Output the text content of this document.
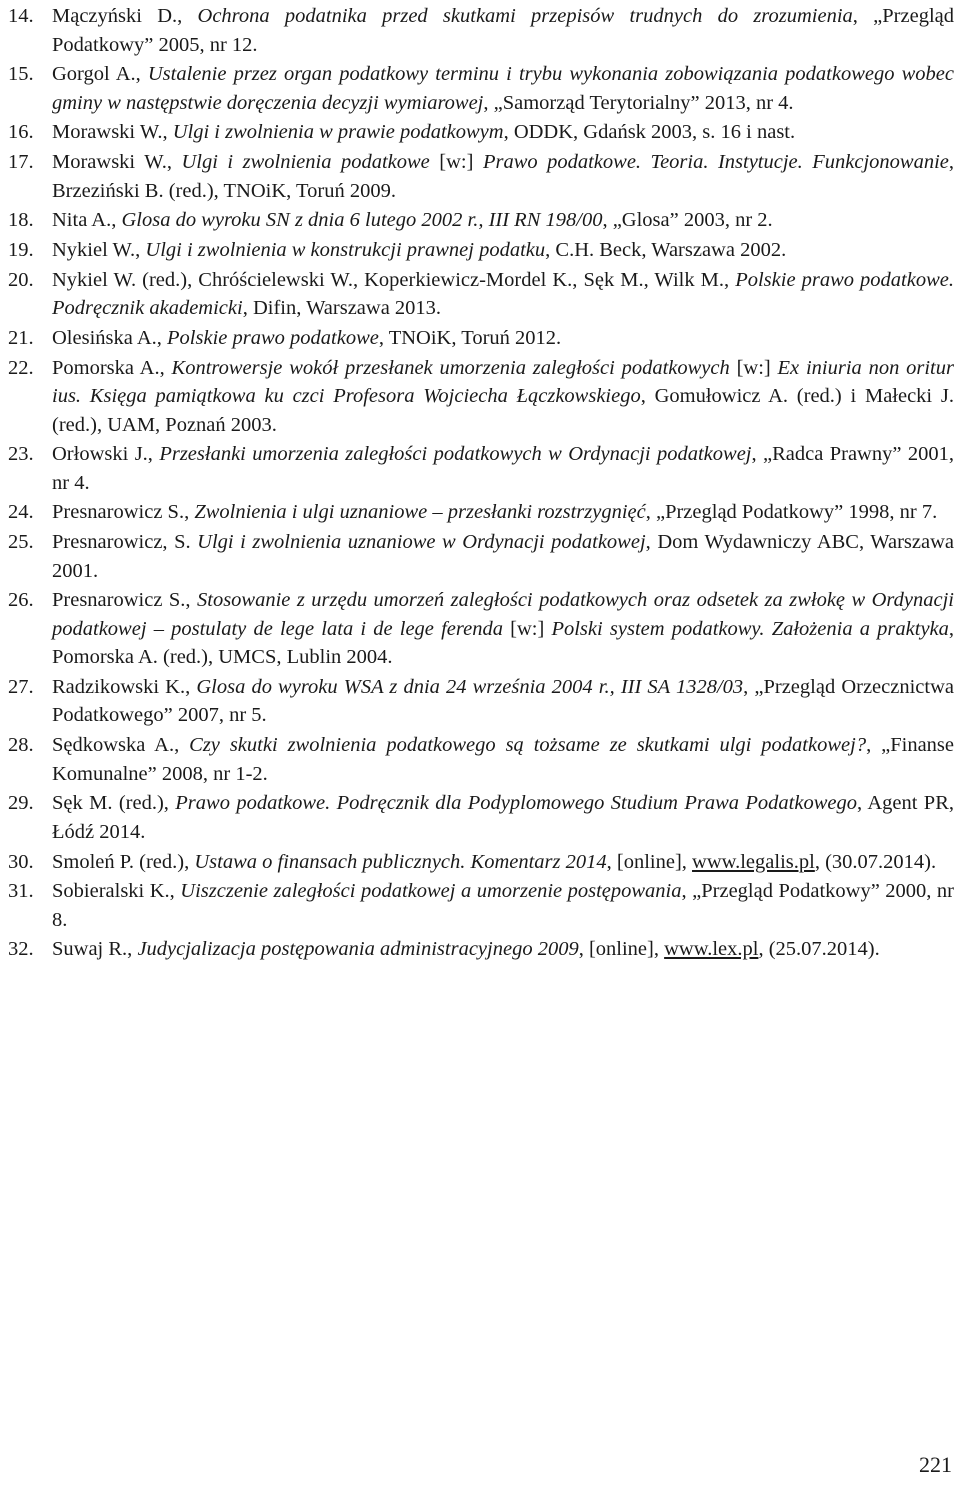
14. Mączyński D., Ochrona podatnika przed skutkami przepisów trudnych do zrozumienia, „Przegląd Podatkowy” 2005, nr 12.
15. Gorgol A., Ustalenie przez organ podatkowy terminu i trybu wykonania zobowiązania podatkowego wobec gminy w następstwie doręczenia decyzji wymiarowej, „Samorząd Terytorialny” 2013, nr 4.
16. Morawski W., Ulgi i zwolnienia w prawie podatkowym, ODDK, Gdańsk 2003, s. 16 i nast.
17. Morawski W., Ulgi i zwolnienia podatkowe [w:] Prawo podatkowe. Teoria. Instytucje. Funkcjonowanie, Brzeziński B. (red.), TNOiK, Toruń 2009.
18. Nita A., Glosa do wyroku SN z dnia 6 lutego 2002 r., III RN 198/00, „Glosa” 2003, nr 2.
19. Nykiel W., Ulgi i zwolnienia w konstrukcji prawnej podatku, C.H. Beck, Warszawa 2002.
20. Nykiel W. (red.), Chróścielewski W., Koperkiewicz-Mordel K., Sęk M., Wilk M., Polskie prawo podatkowe. Podręcznik akademicki, Difin, Warszawa 2013.
21. Olesińska A., Polskie prawo podatkowe, TNOiK, Toruń 2012.
22. Pomorska A., Kontrowersje wokół przesłanek umorzenia zaległości podatkowych [w:] Ex iniuria non oritur ius. Księga pamiątkowa ku czci Profesora Wojciecha Łączkowskiego, Gomułowicz A. (red.) i Małecki J. (red.), UAM, Poznań 2003.
23. Orłowski J., Przesłanki umorzenia zaległości podatkowych w Ordynacji podatkowej, „Radca Prawny” 2001, nr 4.
24. Presnarowicz S., Zwolnienia i ulgi uznaniowe – przesłanki rozstrzygnięć, „Przegląd Podatkowy” 1998, nr 7.
25. Presnarowicz, S. Ulgi i zwolnienia uznaniowe w Ordynacji podatkowej, Dom Wydawniczy ABC, Warszawa 2001.
26. Presnarowicz S., Stosowanie z urzędu umorzeń zaległości podatkowych oraz odsetek za zwłokę w Ordynacji podatkowej – postulaty de lege lata i de lege ferenda [w:] Polski system podatkowy. Założenia a praktyka, Pomorska A. (red.), UMCS, Lublin 2004.
27. Radzikowski K., Glosa do wyroku WSA z dnia 24 września 2004 r., III SA 1328/03, „Przegląd Orzecznictwa Podatkowego” 2007, nr 5.
28. Sędkowska A., Czy skutki zwolnienia podatkowego są tożsame ze skutkami ulgi podatkowej?, „Finanse Komunalne” 2008, nr 1-2.
29. Sęk M. (red.), Prawo podatkowe. Podręcznik dla Podyplomowego Studium Prawa Podatkowego, Agent PR, Łódź 2014.
30. Smoleń P. (red.), Ustawa o finansach publicznych. Komentarz 2014, [online], www.legalis.pl, (30.07.2014).
31. Sobieralski K., Uiszczenie zaległości podatkowej a umorzenie postępowania, „Przegląd Podatkowy” 2000, nr 8.
32. Suwaj R., Judycjalizacja postępowania administracyjnego 2009, [online], www.lex.pl, (25.07.2014).
221
